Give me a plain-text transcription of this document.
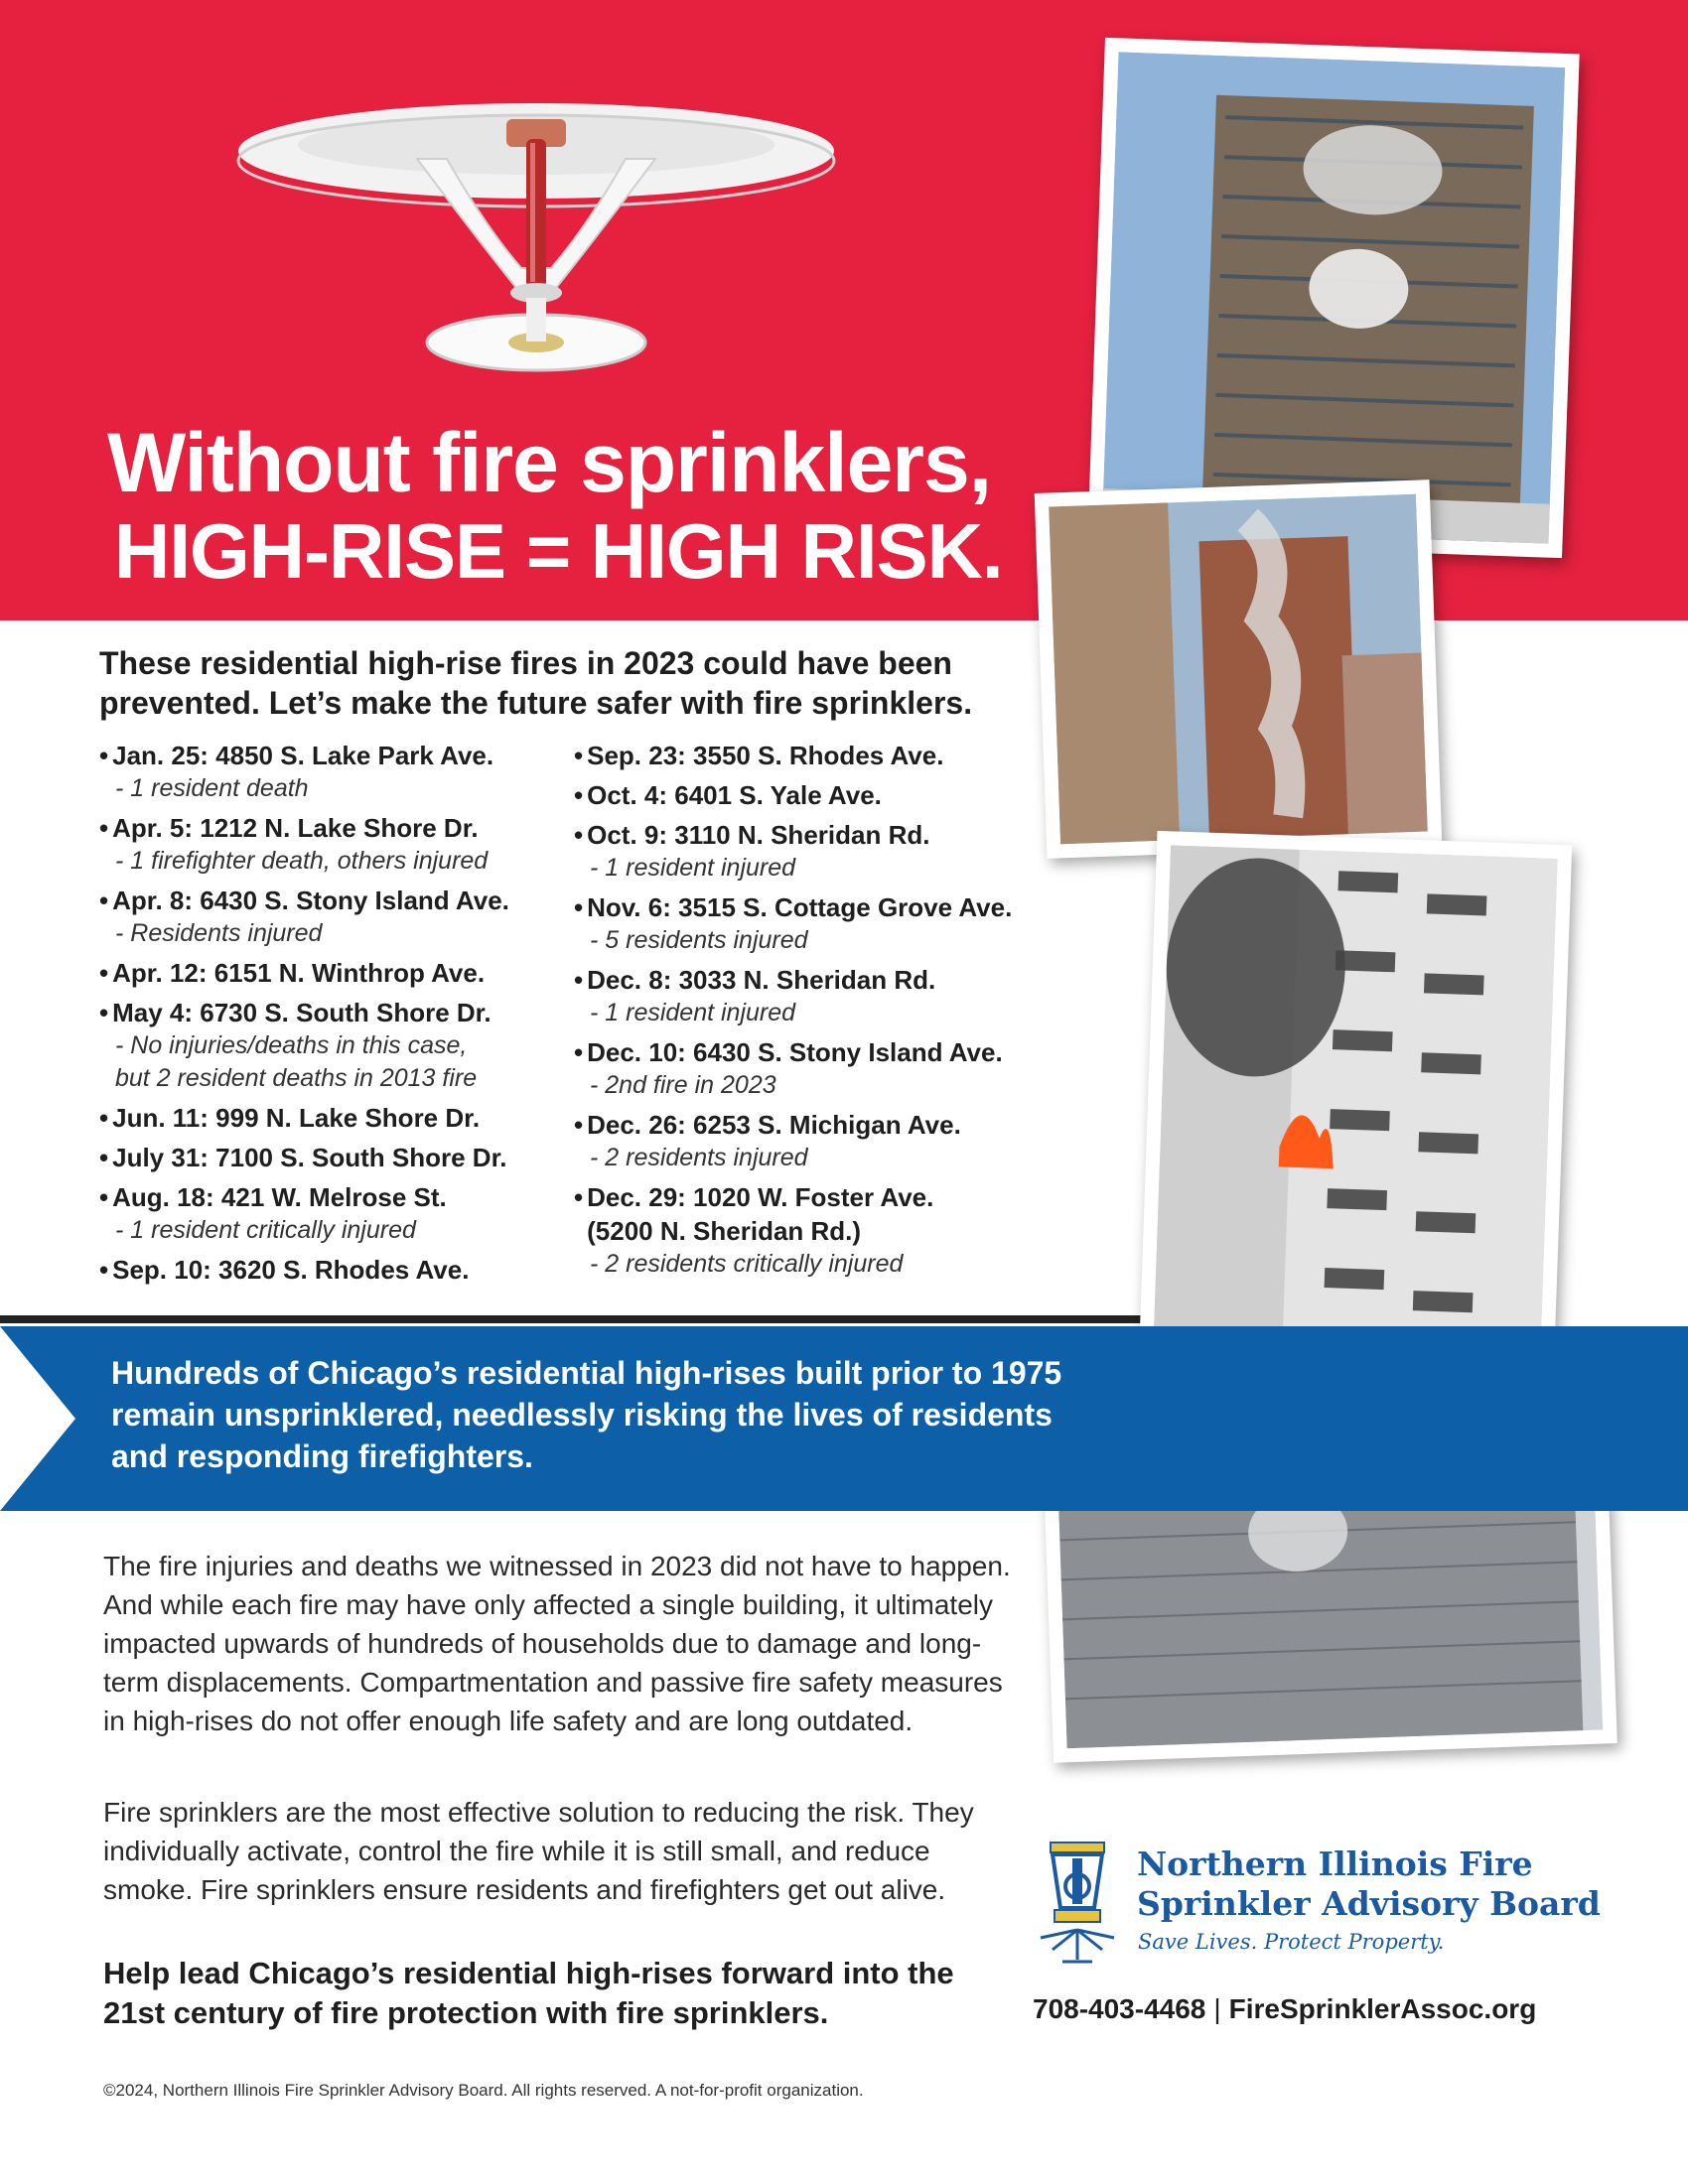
Without fire sprinklers,
HIGH-RISE = HIGH RISK.
These residential high-rise fires in 2023 could have been prevented. Let’s make the future safer with fire sprinklers.
• Jan. 25: 4850 S. Lake Park Ave.
- 1 resident death
• Apr. 5: 1212 N. Lake Shore Dr.
- 1 firefighter death, others injured
• Apr. 8: 6430 S. Stony Island Ave.
- Residents injured
• Apr. 12: 6151 N. Winthrop Ave.
• May 4: 6730 S. South Shore Dr.
- No injuries/deaths in this case,
but 2 resident deaths in 2013 fire
• Jun. 11: 999 N. Lake Shore Dr.
• July 31: 7100 S. South Shore Dr.
• Aug. 18: 421 W. Melrose St.
- 1 resident critically injured
• Sep. 10: 3620 S. Rhodes Ave.
• Sep. 23: 3550 S. Rhodes Ave.
• Oct. 4: 6401 S. Yale Ave.
• Oct. 9: 3110 N. Sheridan Rd.
- 1 resident injured
• Nov. 6: 3515 S. Cottage Grove Ave.
- 5 residents injured
• Dec. 8: 3033 N. Sheridan Rd.
- 1 resident injured
• Dec. 10: 6430 S. Stony Island Ave.
- 2nd fire in 2023
• Dec. 26: 6253 S. Michigan Ave.
- 2 residents injured
• Dec. 29: 1020 W. Foster Ave.
(5200 N. Sheridan Rd.)
- 2 residents critically injured
Hundreds of Chicago’s residential high-rises built prior to 1975 remain unsprinklered, needlessly risking the lives of residents and responding firefighters.
The fire injuries and deaths we witnessed in 2023 did not have to happen. And while each fire may have only affected a single building, it ultimately impacted upwards of hundreds of households due to damage and long-term displacements. Compartmentation and passive fire safety measures in high-rises do not offer enough life safety and are long outdated.
Fire sprinklers are the most effective solution to reducing the risk. They individually activate, control the fire while it is still small, and reduce smoke. Fire sprinklers ensure residents and firefighters get out alive.
Help lead Chicago’s residential high-rises forward into the 21st century of fire protection with fire sprinklers.
Northern Illinois Fire
Sprinkler Advisory Board
Save Lives. Protect Property.
708-403-4468 | FireSprinklerAssoc.org
©2024, Northern Illinois Fire Sprinkler Advisory Board. All rights reserved. A not-for-profit organization.
